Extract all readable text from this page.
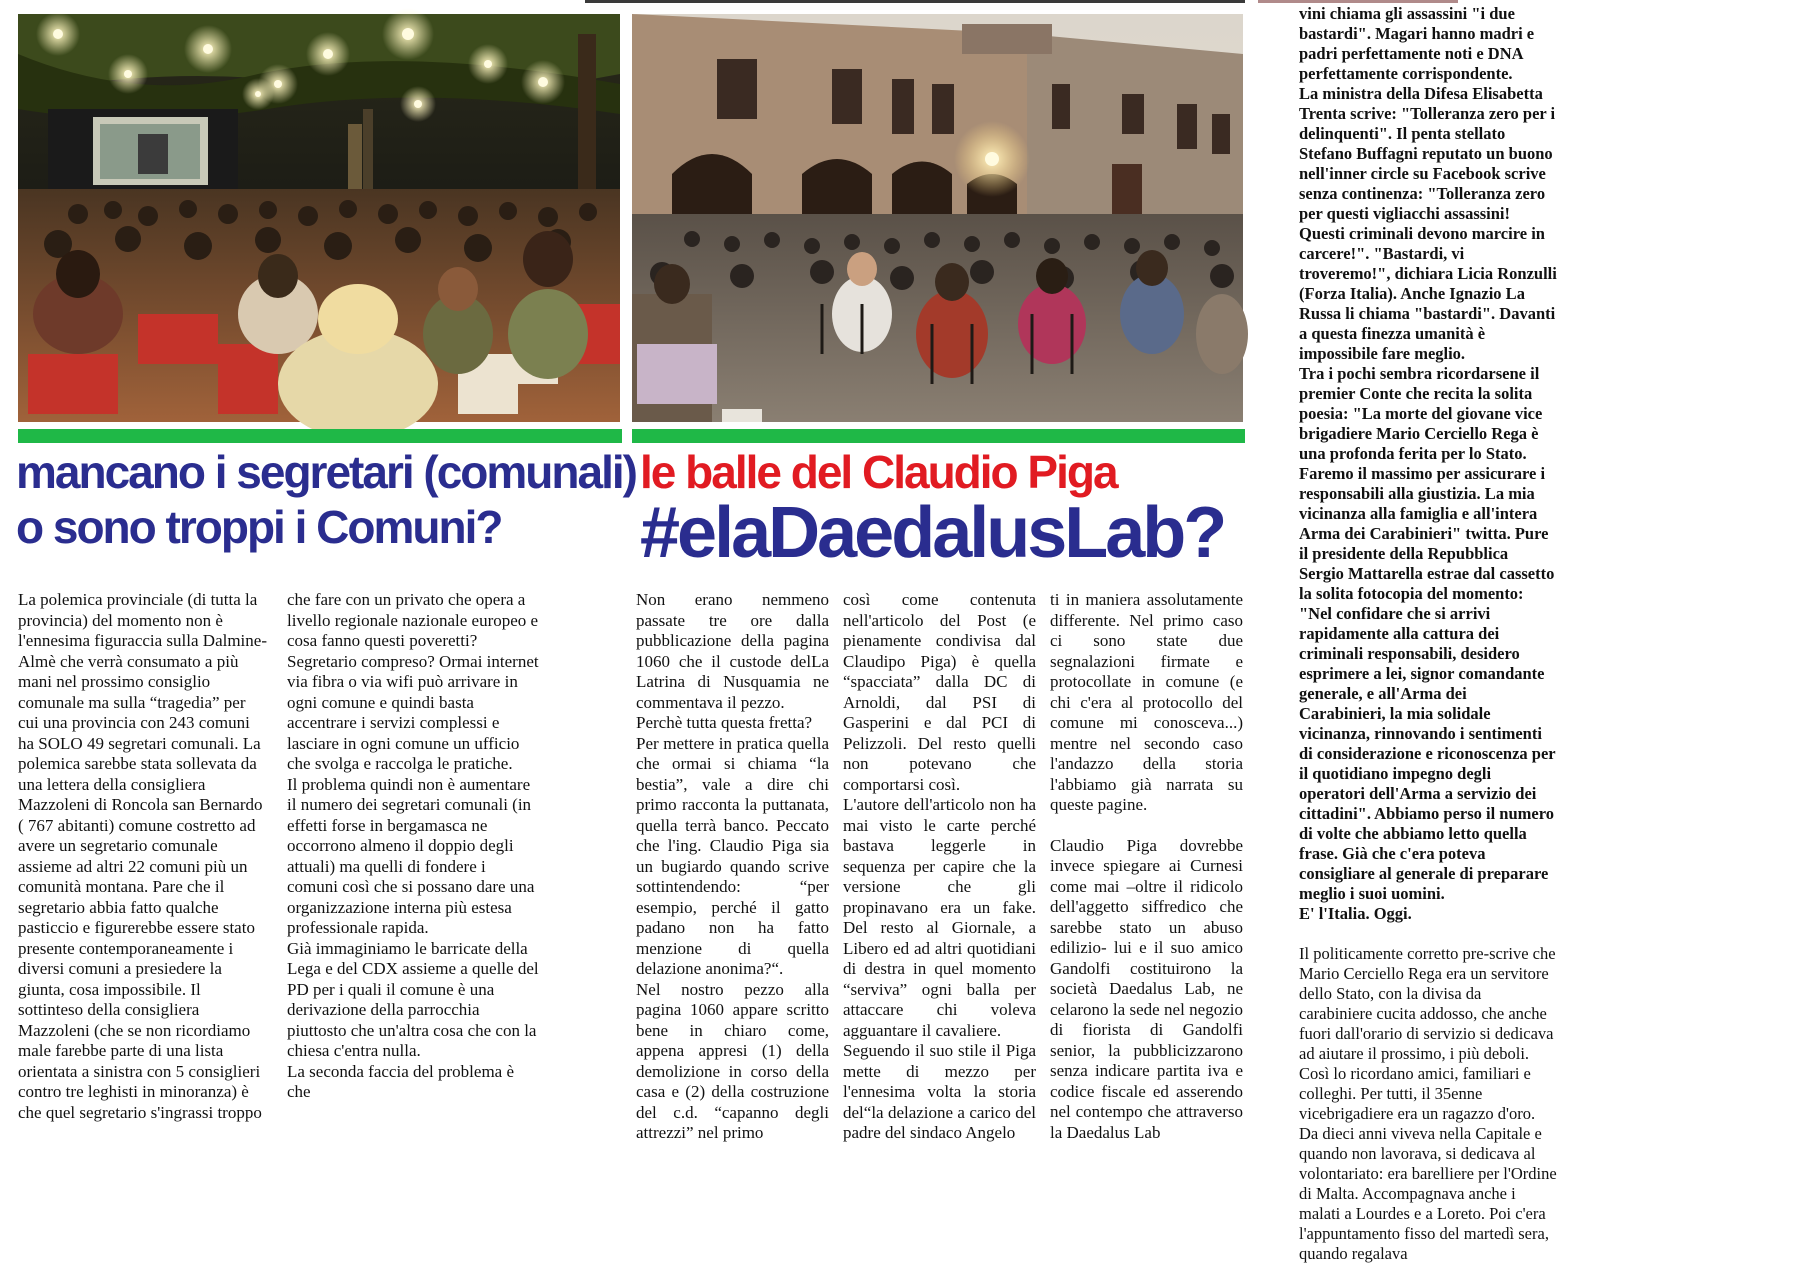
mancano i segretari (comunali)
o sono troppi i Comuni?
le balle del Claudio Piga
#elaDaedalusLab?

La polemica provinciale (di tutta la provincia) del momento non è l'ennesima figuraccia sulla Dalmine-Almè che verrà consumato a più mani nel prossimo consiglio comunale ma sulla “tragedia” per cui una provincia con 243 comuni ha SOLO 49 segretari comunali. La polemica sarebbe stata sollevata da una lettera della consigliera Mazzoleni di Roncola san Bernardo ( 767 abitanti) comune costretto ad avere un segretario comunale assieme ad altri 22 comuni più un comunità montana. Pare che il segretario abbia fatto qualche pasticcio e figurerebbe essere stato presente contemporaneamente i diversi comuni a presiedere la giunta, cosa impossibile. Il sottinteso della consigliera Mazzoleni (che se non ricordiamo male farebbe parte di una lista orientata a sinistra con 5 consiglieri contro tre leghisti in minoranza) è che quel segretario s'ingrassi troppo

che fare con un privato che opera a livello regionale nazionale europeo e cosa fanno questi poveretti? Segretario compreso? Ormai internet via fibra o via wifi può arrivare in ogni comune e quindi basta accentrare i servizi complessi e lasciare in ogni comune un ufficio che svolga e raccolga le pratiche.

Il problema quindi non è aumentare il numero dei segretari comunali (in effetti forse in bergamasca ne occorrono almeno il doppio degli attuali) ma quelli di fondere i comuni così che si possano dare una organizzazione interna più estesa professionale rapida.

Già immaginiamo le barricate della Lega e del CDX assieme a quelle del PD per i quali il comune è una derivazione della parrocchia piuttosto che un'altra cosa che con la chiesa c'entra nulla.

La seconda faccia del problema è che

Non erano nemmeno passate tre ore dalla pubblicazione della pagina 1060 che il custode delLa Latrina di Nusquamia ne commentava il pezzo.

Perchè tutta questa fretta?

Per mettere in pratica quella che ormai si chiama “la bestia”, vale a dire chi primo racconta la puttanata, quella terrà banco. Peccato che l'ing. Claudio Piga sia un bugiardo quando scrive sottintendendo: “per esempio, perché il gatto padano non ha fatto menzione di quella delazione anonima?“.

Nel nostro pezzo alla pagina 1060 appare scritto bene in chiaro come, appena appresi (1) della demolizione in corso della casa e (2) della costruzione del c.d. “capanno degli attrezzi” nel primo

così come contenuta nell'articolo del Post (e pienamente condivisa dal Claudipo Piga) è quella “spacciata” dalla DC di Arnoldi, dal PSI di Gasperini e dal PCI di Pelizzoli. Del resto quelli non potevano che comportarsi così.

L'autore dell'articolo non ha mai visto le carte perché bastava leggerle in sequenza per capire che la versione che gli propinavano era un fake. Del resto al Giornale, a Libero ed ad altri quotidiani di destra in quel momento “serviva” ogni balla per attaccare chi voleva agguantare il cavaliere.

Seguendo il suo stile il Piga mette di mezzo per l'ennesima volta la storia del“la delazione a carico del padre del sindaco Angelo

ti in maniera assolutamente differente. Nel primo caso ci sono state due segnalazioni firmate e protocollate in comune (e chi c'era al protocollo del comune mi conosceva...) mentre nel secondo caso l'andazzo della storia l'abbiamo già narrata su queste pagine.

Claudio Piga dovrebbe invece spiegare ai Curnesi come mai –oltre il ridicolo dell'aggetto siffredico che sarebbe stato un abuso edilizio- lui e il suo amico Gandolfi costituirono la società Daedalus Lab, ne celarono la sede nel negozio di fiorista di Gandolfi senior, la pubblicizzarono senza indicare partita iva e codice fiscale ed asserendo nel contempo che attraverso la Daedalus Lab

vini chiama gli assassini "i due bastardi". Magari hanno madri e padri perfettamente noti e DNA perfettamente corrispondente.

La ministra della Difesa Elisabetta Trenta scrive: "Tolleranza zero per i delinquenti". Il penta stellato Stefano Buffagni reputato un buono nell'inner circle su Facebook scrive senza continenza: "Tolleranza zero per questi vigliacchi assassini! Questi criminali devono marcire in carcere!". "Bastardi, vi troveremo!", dichiara Licia Ronzulli (Forza Italia). Anche Ignazio La Russa li chiama "bastardi". Davanti a questa finezza umanità è impossibile fare meglio.

Tra i pochi sembra ricordarsene il premier Conte che recita la solita poesia: "La morte del giovane vice brigadiere Mario Cerciello Rega è una profonda ferita per lo Stato. Faremo il massimo per assicurare i responsabili alla giustizia. La mia vicinanza alla famiglia e all'intera Arma dei Carabinieri" twitta. Pure il presidente della Repubblica Sergio Mattarella estrae dal cassetto la solita fotocopia del momento: "Nel confidare che si arrivi rapidamente alla cattura dei criminali responsabili, desidero esprimere a lei, signor comandante generale, e all'Arma dei Carabinieri, la mia solidale vicinanza, rinnovando i sentimenti di considerazione e riconoscenza per il quotidiano impegno degli operatori dell'Arma a servizio dei cittadini". Abbiamo perso il numero di volte che abbiamo letto quella frase. Già che c'era poteva consigliare al generale di preparare meglio i suoi uomini.

E' l'Italia. Oggi.

Il politicamente corretto pre-scrive che Mario Cerciello Rega era un servitore dello Stato, con la divisa da carabiniere cucita addosso, che anche fuori dall'orario di servizio si dedicava ad aiutare il prossimo, i più deboli. Così lo ricordano amici, familiari e colleghi. Per tutti, il 35enne vicebrigadiere era un ragazzo d'oro. Da dieci anni viveva nella Capitale e quando non lavorava, si dedicava al volontariato: era barelliere per l'Ordine di Malta. Accompagnava anche i malati a Lourdes e a Loreto. Poi c'era l'appuntamento fisso del martedì sera, quando regalava
